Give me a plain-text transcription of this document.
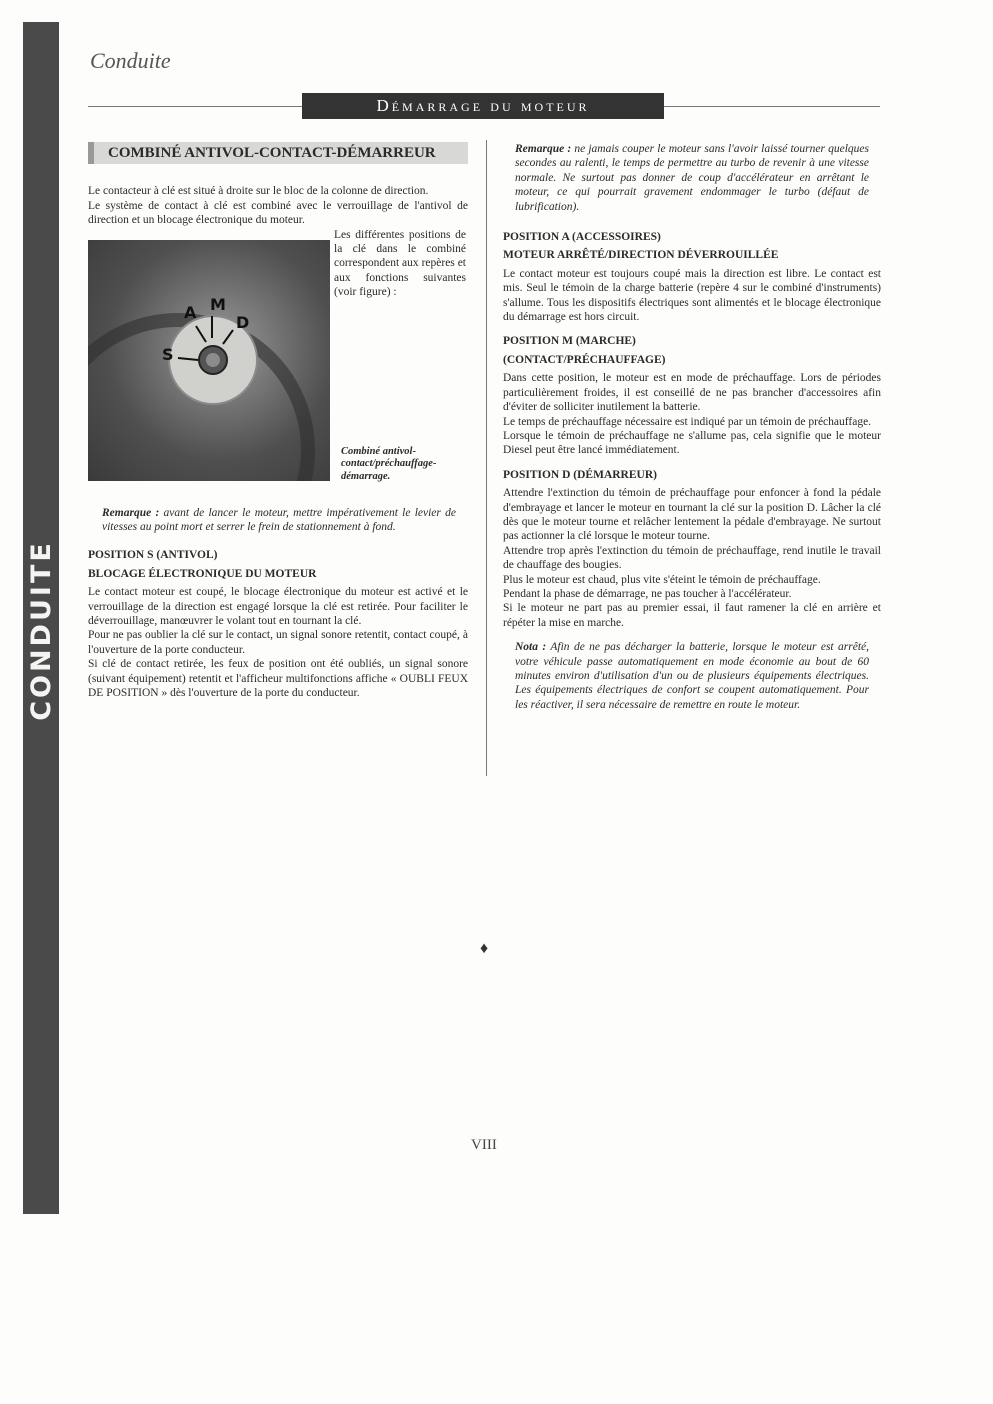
CONDUITE
Conduite
Démarrage du moteur
COMBINÉ ANTIVOL-CONTACT-DÉMARREUR

Le contacteur à clé est situé à droite sur le bloc de la colonne de direction.

Le système de contact à clé est combiné avec le verrouillage de l'antivol de direction et un blocage électronique du moteur.

A M
D
S

Les différentes positions de la clé dans le combiné correspondent aux repères et aux fonctions suivantes (voir figure) :

Combiné antivol-contact/préchauffage-démarrage.

Remarque : avant de lancer le moteur, mettre impérativement le levier de vitesses au point mort et serrer le frein de stationnement à fond.

POSITION S (ANTIVOL)
BLOCAGE ÉLECTRONIQUE DU MOTEUR

Le contact moteur est coupé, le blocage électronique du moteur est activé et le verrouillage de la direction est engagé lorsque la clé est retirée. Pour faciliter le déverrouillage, manœuvrer le volant tout en tournant la clé.

Pour ne pas oublier la clé sur le contact, un signal sonore retentit, contact coupé, à l'ouverture de la porte conducteur.

Si clé de contact retirée, les feux de position ont été oubliés, un signal sonore (suivant équipement) retentit et l'afficheur multifonctions affiche « OUBLI FEUX DE POSITION » dès l'ouverture de la porte du conducteur.

Remarque : ne jamais couper le moteur sans l'avoir laissé tourner quelques secondes au ralenti, le temps de permettre au turbo de revenir à une vitesse normale. Ne surtout pas donner de coup d'accélérateur en arrêtant le moteur, ce qui pourrait gravement endommager le turbo (défaut de lubrification).

POSITION A (ACCESSOIRES)
MOTEUR ARRÊTÉ/DIRECTION DÉVERROUILLÉE

Le contact moteur est toujours coupé mais la direction est libre. Le contact est mis. Seul le témoin de la charge batterie (repère 4 sur le combiné d'instruments) s'allume. Tous les dispositifs électriques sont alimentés et le blocage électronique du démarrage est hors circuit.

POSITION M (MARCHE)
(CONTACT/PRÉCHAUFFAGE)

Dans cette position, le moteur est en mode de préchauffage. Lors de périodes particulièrement froides, il est conseillé de ne pas brancher d'accessoires afin d'éviter de solliciter inutilement la batterie.

Le temps de préchauffage nécessaire est indiqué par un témoin de préchauffage.

Lorsque le témoin de préchauffage ne s'allume pas, cela signifie que le moteur Diesel peut être lancé immédiatement.

POSITION D (DÉMARREUR)

Attendre l'extinction du témoin de préchauffage pour enfoncer à fond la pédale d'embrayage et lancer le moteur en tournant la clé sur la position D. Lâcher la clé dès que le moteur tourne et relâcher lentement la pédale d'embrayage. Ne surtout pas actionner la clé lorsque le moteur tourne.

Attendre trop après l'extinction du témoin de préchauffage, rend inutile le travail de chauffage des bougies.

Plus le moteur est chaud, plus vite s'éteint le témoin de préchauffage.

Pendant la phase de démarrage, ne pas toucher à l'accélérateur.

Si le moteur ne part pas au premier essai, il faut ramener la clé en arrière et répéter la mise en marche.

Nota : Afin de ne pas décharger la batterie, lorsque le moteur est arrêté, votre véhicule passe automatiquement en mode économie au bout de 60 minutes environ d'utilisation d'un ou de plusieurs équipements électriques. Les équipements électriques de confort se coupent automatiquement. Pour les réactiver, il sera nécessaire de remettre en route le moteur.

♦
VIII
